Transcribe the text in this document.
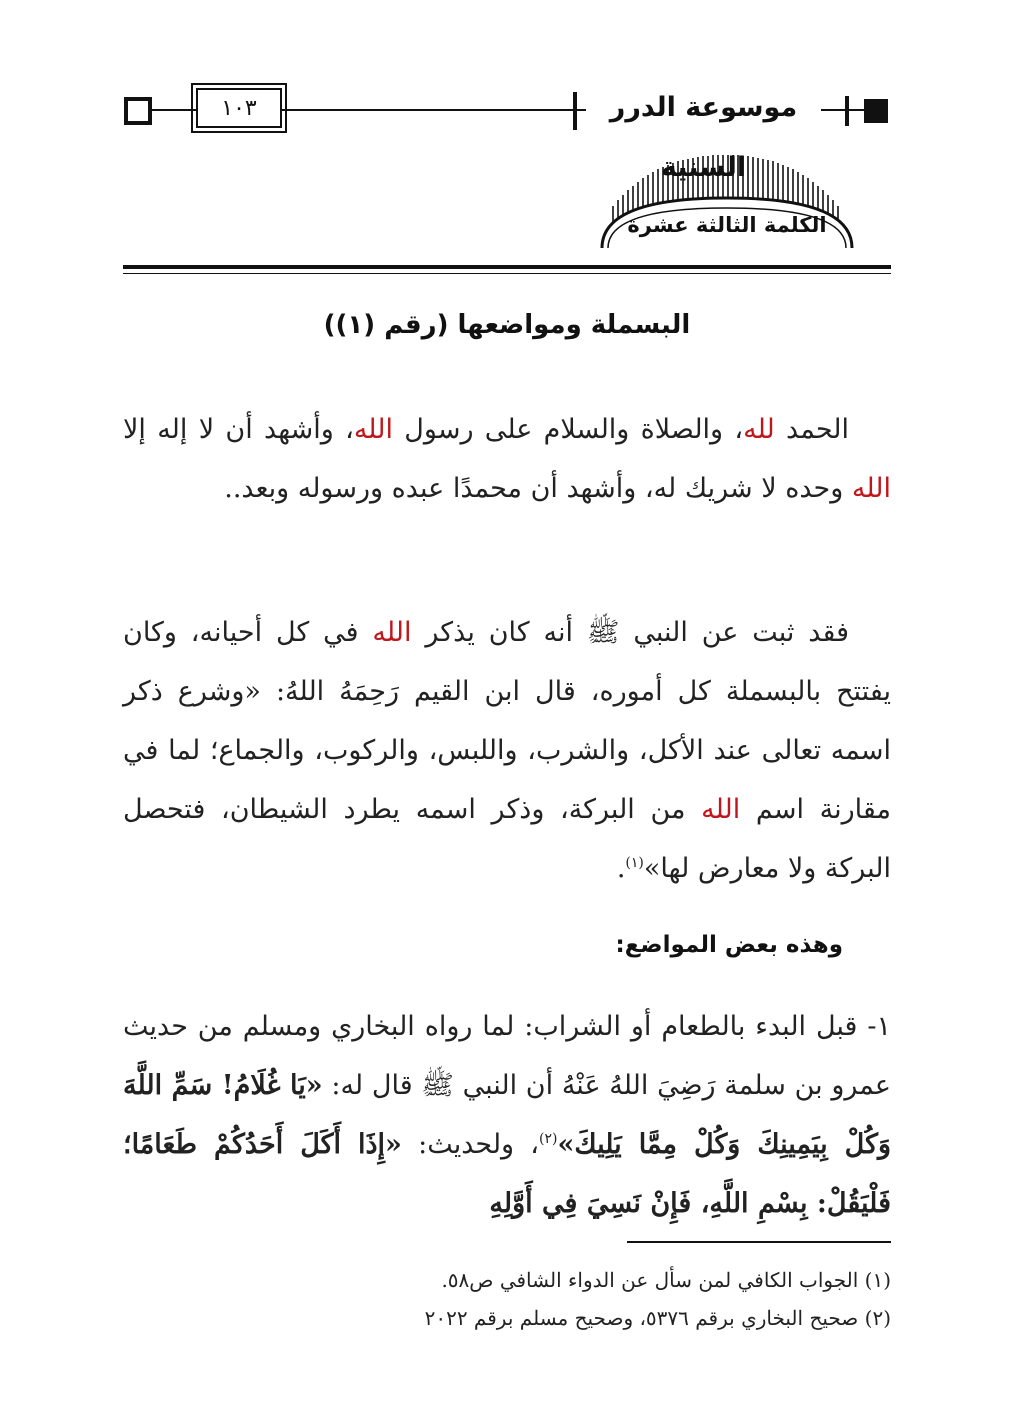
موسوعة الدرر السنية
١٠٣
الكلمة الثالثة عشرة
البسملة ومواضعها (رقم (١))
الحمد لله، والصلاة والسلام على رسول الله، وأشهد أن لا إله إلا الله وحده لا شريك له، وأشهد أن محمدًا عبده ورسوله وبعد..
فقد ثبت عن النبي ﷺ أنه كان يذكر الله في كل أحيانه، وكان يفتتح بالبسملة كل أموره، قال ابن القيم رَحِمَهُ اللهُ: «وشرع ذكر اسمه تعالى عند الأكل، والشرب، واللبس، والركوب، والجماع؛ لما في مقارنة اسم الله من البركة، وذكر اسمه يطرد الشيطان، فتحصل البركة ولا معارض لها»$^{(١)}$.
وهذه بعض المواضع:
١- قبل البدء بالطعام أو الشراب: لما رواه البخاري ومسلم من حديث عمرو بن سلمة رَضِيَ اللهُ عَنْهُ أن النبي ﷺ قال له: «يَا غُلَامُ! سَمِّ اللَّهَ وَكُلْ بِيَمِينِكَ وَكُلْ مِمَّا يَلِيكَ»$^{(٢)}$، ولحديث: «إِذَا أَكَلَ أَحَدُكُمْ طَعَامًا؛ فَلْيَقُلْ: بِسْمِ اللَّهِ، فَإِنْ نَسِيَ فِي أَوَّلِهِ
(١) الجواب الكافي لمن سأل عن الدواء الشافي ص٥٨.
(٢) صحيح البخاري برقم ٥٣٧٦، وصحيح مسلم برقم ٢٠٢٢
